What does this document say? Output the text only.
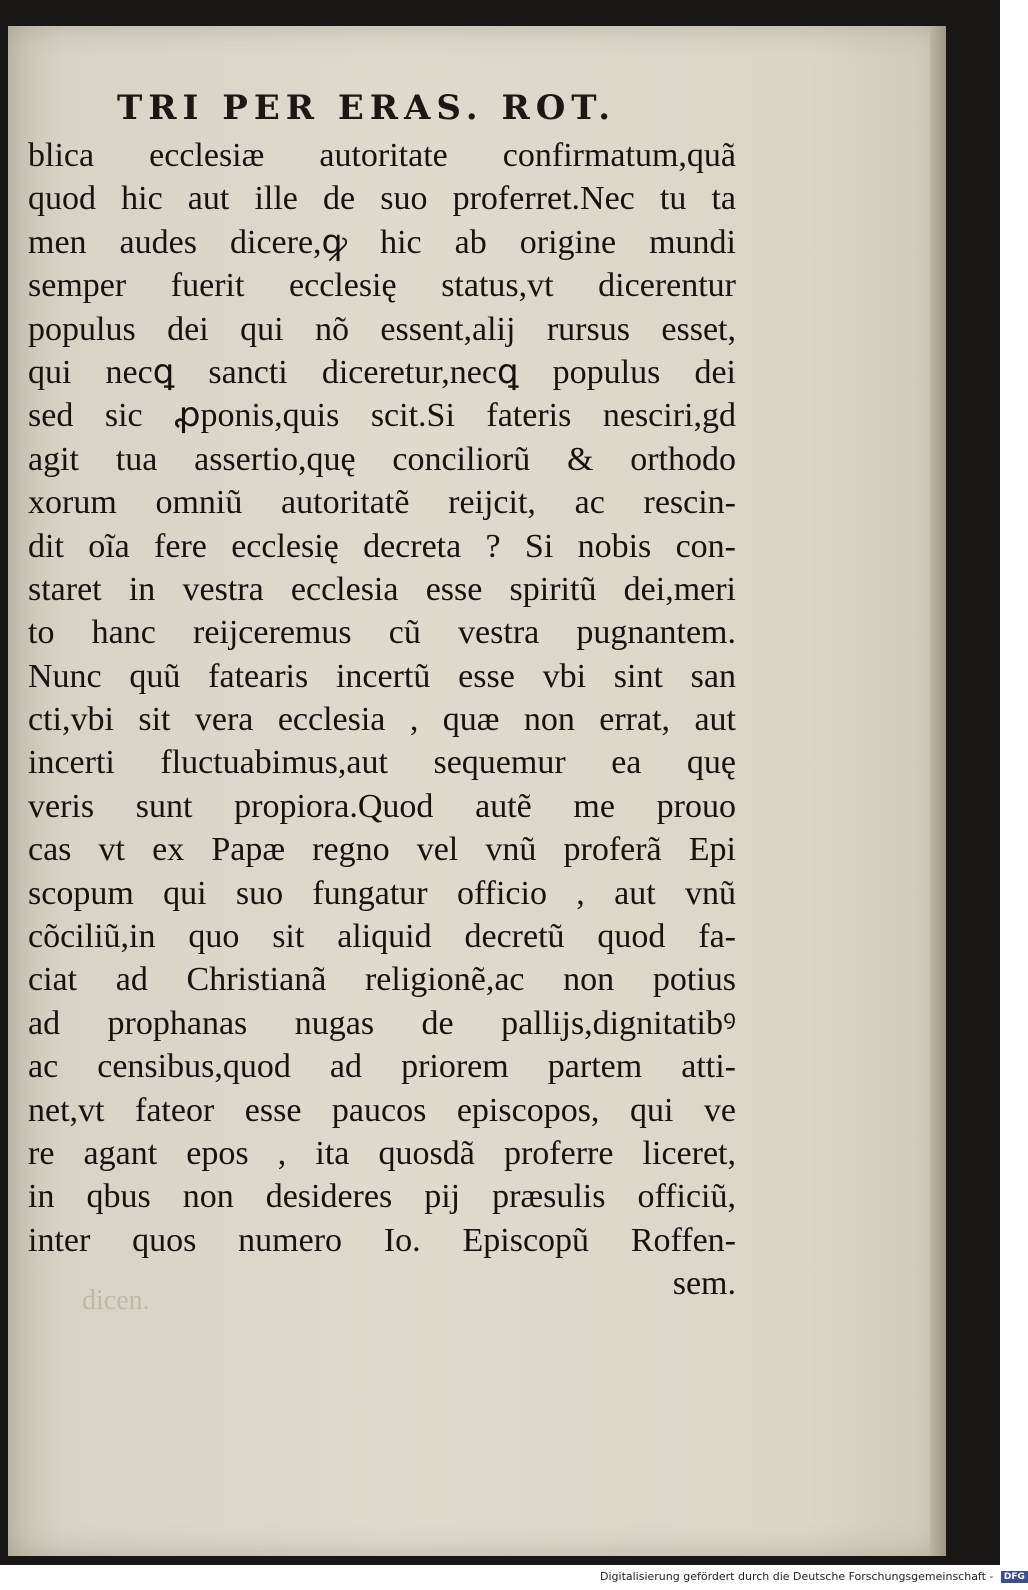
TRI PER ERAS. ROT.
blica ecclesiæ autoritate confirmatum,quã
quod hic aut ille de suo proferret.Nec tu ta
men audes dicere,ꝙ hic ab origine mundi
semper fuerit ecclesię status,vt dicerentur
populus dei qui nõ essent,alij rursus esset,
qui necꝗ sancti diceretur,necꝗ populus dei
sed sic ꝓponis,quis scit.Si fateris nesciri,gd
agit tua assertio,quę conciliorũ & orthodo
xorum omniũ autoritatẽ reijcit, ac rescin-
dit oĩa fere ecclesię decreta ? Si nobis con-
staret in vestra ecclesia esse spiritũ dei,meri
to hanc reijceremus cũ vestra pugnantem.
Nunc quũ fatearis incertũ esse vbi sint san
cti,vbi sit vera ecclesia , quæ non errat, aut
incerti fluctuabimus,aut sequemur ea quę
veris sunt propiora.Quod autẽ me prouo
cas vt ex Papæ regno vel vnũ proferã Epi
scopum qui suo fungatur officio , aut vnũ
cõciliũ,in quo sit aliquid decretũ quod fa-
ciat ad Christianã religionẽ,ac non potius
ad prophanas nugas de pallijs,dignitatibꝰ
ac censibus,quod ad priorem partem atti-
net,vt fateor esse paucos episcopos, qui ve
re agant epos , ita quosdã proferre liceret,
in qbus non desideres pij præsulis officiũ,
inter quos numero Io. Episcopũ Roffen-
sem.
dicen.
Digitalisierung gefördert durch die Deutsche Forschungsgemeinschaft - DFG
